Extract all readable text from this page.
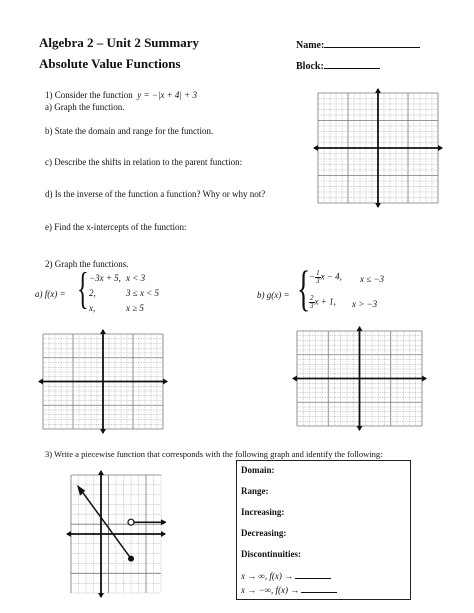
Algebra 2 – Unit 2 Summary
Absolute Value Functions
Name:
Block:
1) Consider the function y = −|x + 4| + 3
a) Graph the function.
b) State the domain and range for the function.
c) Describe the shifts in relation to the parent function:
d) Is the inverse of the function a function? Why or why not?
e) Find the x-intercepts of the function:
2) Graph the functions.
a) f(x) = { −3x + 5, x < 3
2,	3 ≤ x < 5
x,	x ≥ 5
b) g(x) = {
− $\frac{1}{3}$ x − 4, x ≤ −3
$\frac{2}{3}$ x + 1, x > −3
3) Write a piecewise function that corresponds with the following graph and identify the following:
Domain:
Range:
Increasing:
Decreasing:
Discontinuities:
x → ∞, f(x) →
x → −∞, f(x) →
